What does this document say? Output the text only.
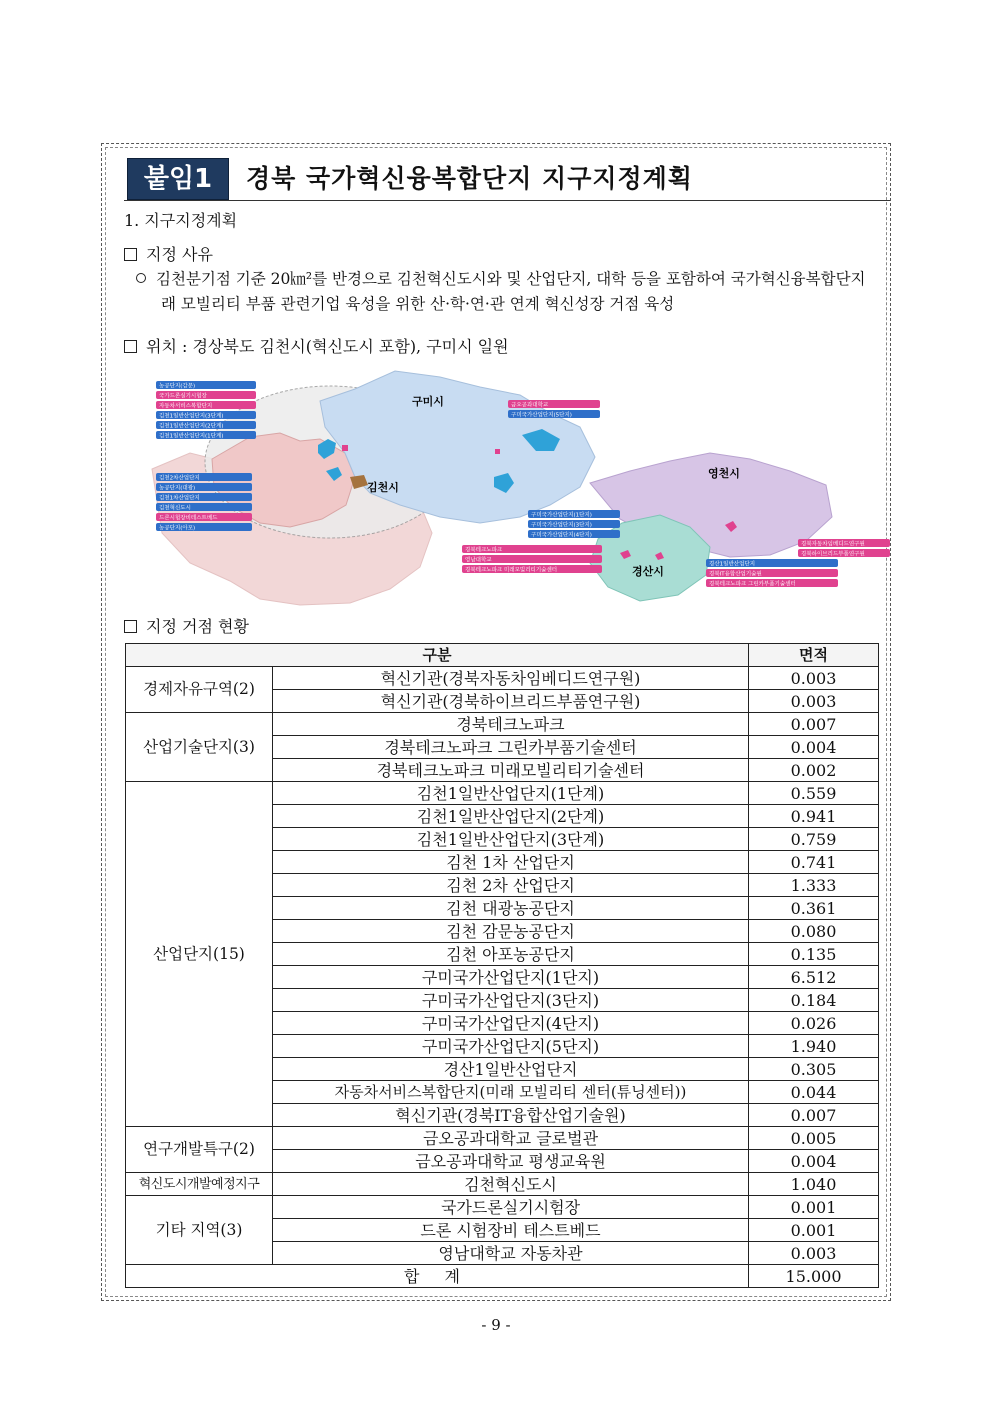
붙임1	경북 국가혁신융복합단지 지구지정계획
1. 지구지정계획
지정 사유
김천분기점 기준 20㎞²를 반경으로 김천혁신도시와 및 산업단지, 대학 등을 포함하여 국가혁신융복합단지
래 모빌리티 부품 관련기업 육성을 위한 산·학·연·관 연계 혁신성장 거점 육성
위치 : 경상북도 김천시(혁신도시 포함), 구미시 일원
구미시
김천시
영천시
경산시
농공단지(감문)
국가드론실기시험장
자동차서비스복합단지
김천1일반산업단지(3단계)
김천1일반산업단지(2단계)
김천1일반산업단지(1단계)
김천2차산업단지
농공단지(대광)
김천1차산업단지
김천혁신도시
드론시험장비테스트베드
농공단지(아포)
금오공과대학교
구미국가산업단지(5단지)
구미국가산업단지(1단지)
구미국가산업단지(3단지)
구미국가산업단지(4단지)
경북테크노파크
영남대학교
경북테크노파크 미래모빌리티기술센터
경산1일반산업단지
경북IT융합산업기술원
경북테크노파크 그린카부품기술센터
경북자동차임베디드연구원
경북하이브리드부품연구원
지정 거점 현황
구분		면적
경제자유구역(2)	혁신기관(경북자동차임베디드연구원)	0.003
	혁신기관(경북하이브리드부품연구원)	0.003
산업기술단지(3)	경북테크노파크	0.007
	경북테크노파크 그린카부품기술센터	0.004
	경북테크노파크 미래모빌리티기술센터	0.002
산업단지(15)	김천1일반산업단지(1단계)	0.559
	김천1일반산업단지(2단계)	0.941
	김천1일반산업단지(3단계)	0.759
	김천 1차 산업단지	0.741
	김천 2차 산업단지	1.333
	김천 대광농공단지	0.361
	김천 감문농공단지	0.080
	김천 아포농공단지	0.135
	구미국가산업단지(1단지)	6.512
	구미국가산업단지(3단지)	0.184
	구미국가산업단지(4단지)	0.026
	구미국가산업단지(5단지)	1.940
	경산1일반산업단지	0.305
	자동차서비스복합단지(미래 모빌리티 센터(튜닝센터))	0.044
	혁신기관(경북IT융합산업기술원)	0.007
연구개발특구(2)	금오공과대학교 글로벌관	0.005
	금오공과대학교 평생교육원	0.004
혁신도시개발예정지구	김천혁신도시	1.040
기타 지역(3)	국가드론실기시험장	0.001
	드론 시험장비 테스트베드	0.001
	영남대학교 자동차관	0.003
합 계		15.000
- 9 -
